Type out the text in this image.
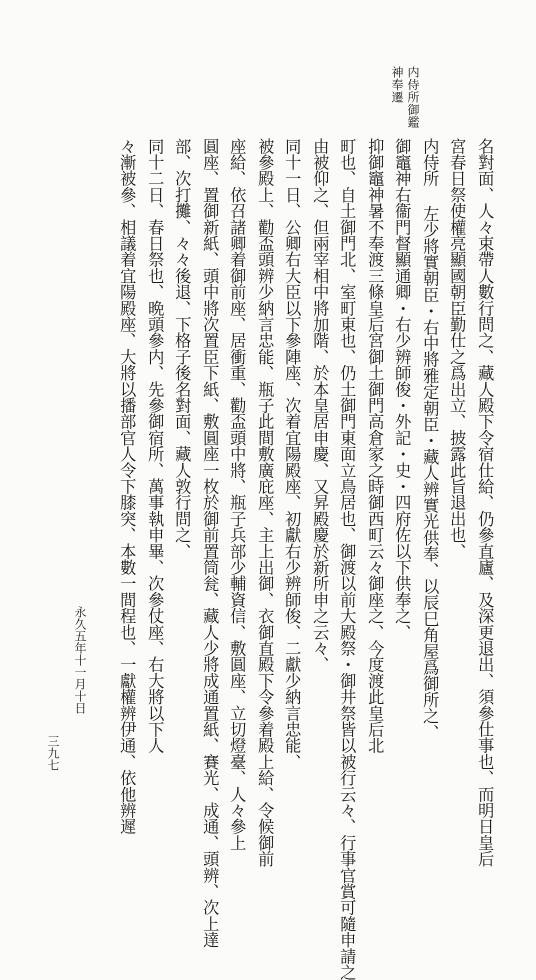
内侍所御鑑
神奉遷
名對面、人々束帶人數行問之、藏人殿下令宿仕給、仍參直廬、及深更退出、須參仕事也、而明日皇后
宮春日祭使權亮顯國朝臣勤仕之爲出立、披露此旨退出也、
内侍所 左少將實朝臣・右中將雅定朝臣・藏人辨實光供奉、以辰巳角屋爲御所之、
御竈神右衞門督顯通卿・右少辨師俊・外記・史・四府佐以下供奉之、
抑御竈神暑不奉渡三條皇后宮御土御門高倉家之時御西町云々御座之、今度渡此皇后北
町也、自土御門北、室町東也、仍土御門東面立鳥居也、御渡以前大殿祭・御井祭皆以被行云々、行事官賞可隨申請之
由被仰之、但兩宰相中將加階、於本皇居申慶、又昇殿慶於新所申之云々、
同十一日、公卿右大臣以下參陣座、次着宜陽殿座、初獻右少辨師俊、二獻少納言忠能、
被參殿上、勸盃頭辨少納言忠能、瓶子此間敷廣庇座、主上出御、衣御直殿下令參着殿上給、令候御前
座給、依召諸卿着御前座、居衝重、勸盃頭中將、瓶子兵部少輔資信、敷圓座、立切燈臺、人々參上
圓座、置御新紙、頭中將次置臣下紙、敷圓座一枚於御前置筒瓮、藏人少將成通置紙、賽光、成通、頭辨、次上達
部、次打攤、々々後退、下格子後名對面、藏人敦行問之、
同十二日、春日祭也、晩頭參内、先參御宿所、萬事執申畢、次參仗座、右大將以下人
々漸被參、相議着宜陽殿座、大將以播部官人令下膝突、本數一間程也、一獻權辨伊通、依他辨遲
永久五年十一月十日
三九七
